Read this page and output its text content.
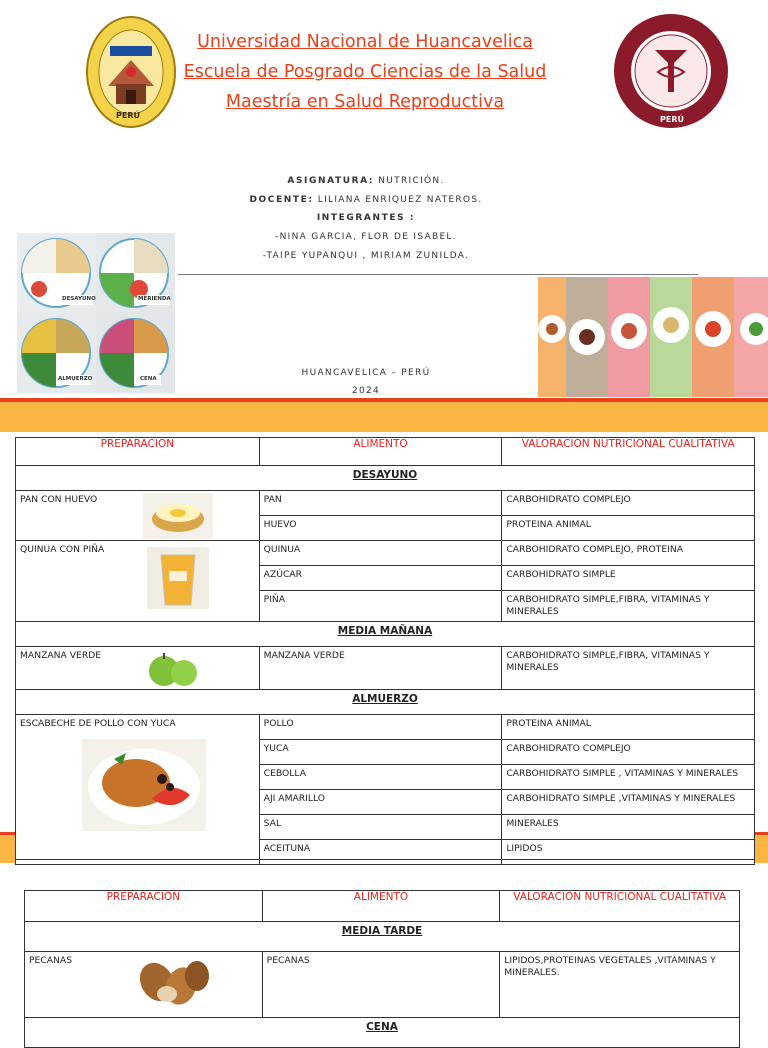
PERÚ
Universidad Nacional de Huancavelica
Escuela de Posgrado Ciencias de la Salud
Maestría en Salud Reproductiva
PERÚ
ASIGNATURA: NUTRICIÓN.
DOCENTE: LILIANA ENRIQUEZ NATEROS.
INTEGRANTES :
-NINA GARCIA, FLOR DE ISABEL.
-TAIPE YUPANQUI , MIRIAM ZUNILDA.
DESAYUNO	MERIENDA
ALMUERZO	CENA
HUANCAVELICA – PERÚ
2024
PREPARACIÓN	ALIMENTO	VALORACIÓN NUTRICIONAL CUALITATIVA
DESAYUNO		
PAN CON HUEVO	PAN	CARBOHIDRATO COMPLEJO
	HUEVO	PROTEINA ANIMAL
QUINUA CON PIÑA	QUINUA	CARBOHIDRATO COMPLEJO, PROTEINA
	AZÚCAR	CARBOHIDRATO SIMPLE
	PIÑA	CARBOHIDRATO SIMPLE,FIBRA, VITAMINAS Y MINERALES
MEDIA MAÑANA		
MANZANA VERDE	MANZANA VERDE	CARBOHIDRATO SIMPLE,FIBRA, VITAMINAS Y MINERALES
ALMUERZO		
ESCABECHE DE POLLO CON YUCA	POLLO	PROTEINA ANIMAL
	YUCA	CARBOHIDRATO COMPLEJO
	CEBOLLA	CARBOHIDRATO SIMPLE , VITAMINAS Y MINERALES
	AJI AMARILLO	CARBOHIDRATO SIMPLE ,VITAMINAS Y MINERALES
	SAL	MINERALES
	ACEITUNA	LIPIDOS
PREPARACIÓN	ALIMENTO	VALORACIÓN NUTRICIONAL CUALITATIVA
MEDIA TARDE		
PECANAS	PECANAS	LIPIDOS,PROTEINAS VEGETALES ,VITAMINAS Y MINERALES.
CENA		
